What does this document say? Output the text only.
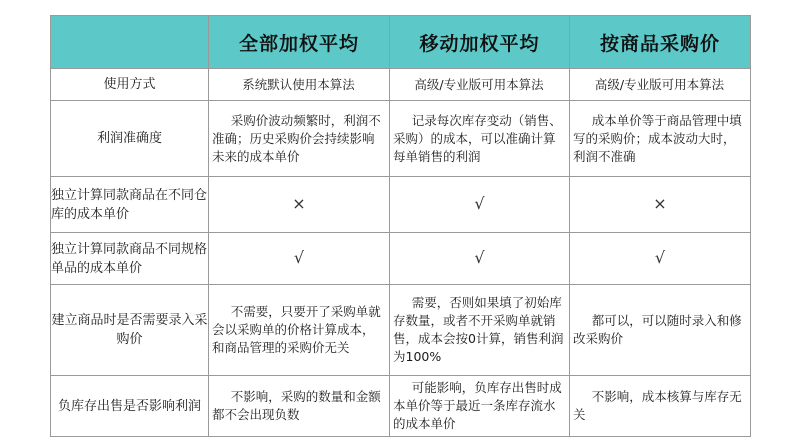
	全部加权平均	移动加权平均	按商品采购价
使用方式	系统默认使用本算法	高级/专业版可用本算法	高级/专业版可用本算法

利润准确度	采购价波动频繁时，利润不准确；历史采购价会持续影响未来的成本单价	记录每次库存变动（销售、采购）的成本，可以准确计算每单销售的利润	成本单价等于商品管理中填写的采购价；成本波动大时，利润不准确

独立计算同款商品在不同仓库的成本单价	×	√	×
独立计算同款商品不同规格单品的成本单价	√	√	√
建立商品时是否需要录入采购价	不需要，只要开了采购单就会以采购单的价格计算成本，和商品管理的采购价无关	需要，否则如果填了初始库存数量，或者不开采购单就销售，成本会按0计算，销售利润为100%	都可以，可以随时录入和修改采购价

负库存出售是否影响利润	不影响，采购的数量和金额都不会出现负数	可能影响，负库存出售时成本单价等于最近一条库存流水的成本单价	不影响，成本核算与库存无关
